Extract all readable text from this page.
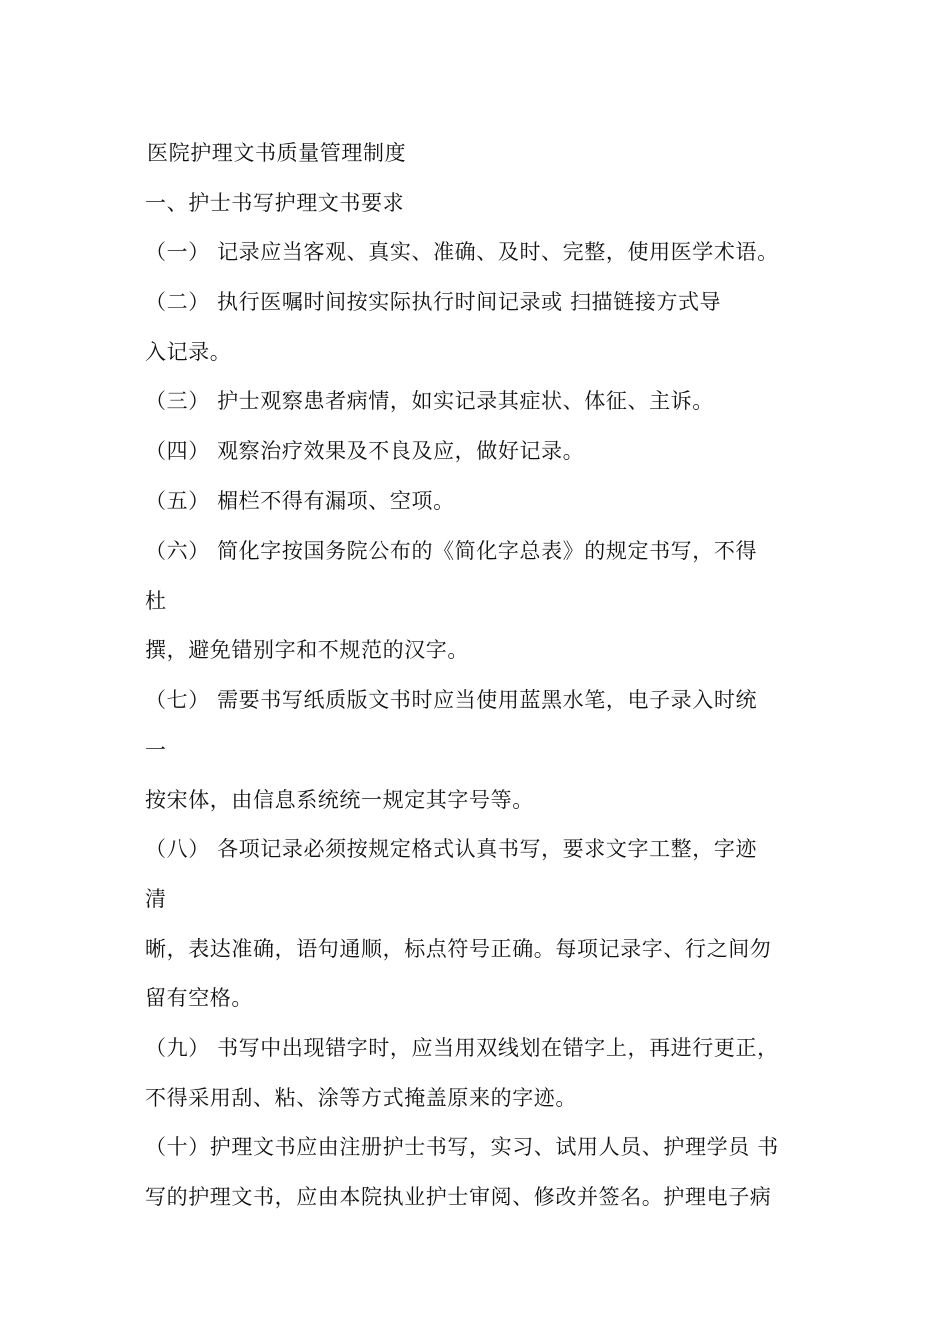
医院护理文书质量管理制度
一、护士书写护理文书要求
（一） 记录应当客观、真实、准确、及时、完整，使用医学术语。
（二） 执行医嘱时间按实际执行时间记录或 扫描链接方式导
入记录。
（三） 护士观察患者病情，如实记录其症状、体征、主诉。
（四） 观察治疗效果及不良及应，做好记录。
（五） 楣栏不得有漏项、空项。
（六） 简化字按国务院公布的《简化字总表》的规定书写，不得
杜
撰，避免错别字和不规范的汉字。
（七） 需要书写纸质版文书时应当使用蓝黑水笔，电子录入时统
一
按宋体，由信息系统统一规定其字号等。
（八） 各项记录必须按规定格式认真书写，要求文字工整，字迹
清
晰，表达准确，语句通顺，标点符号正确。每项记录字、行之间勿
留有空格。
（九） 书写中出现错字时，应当用双线划在错字上，再进行更正，
不得采用刮、粘、涂等方式掩盖原来的字迹。
（十）护理文书应由注册护士书写，实习、试用人员、护理学员 书
写的护理文书，应由本院执业护士审阅、修改并签名。护理电子病
